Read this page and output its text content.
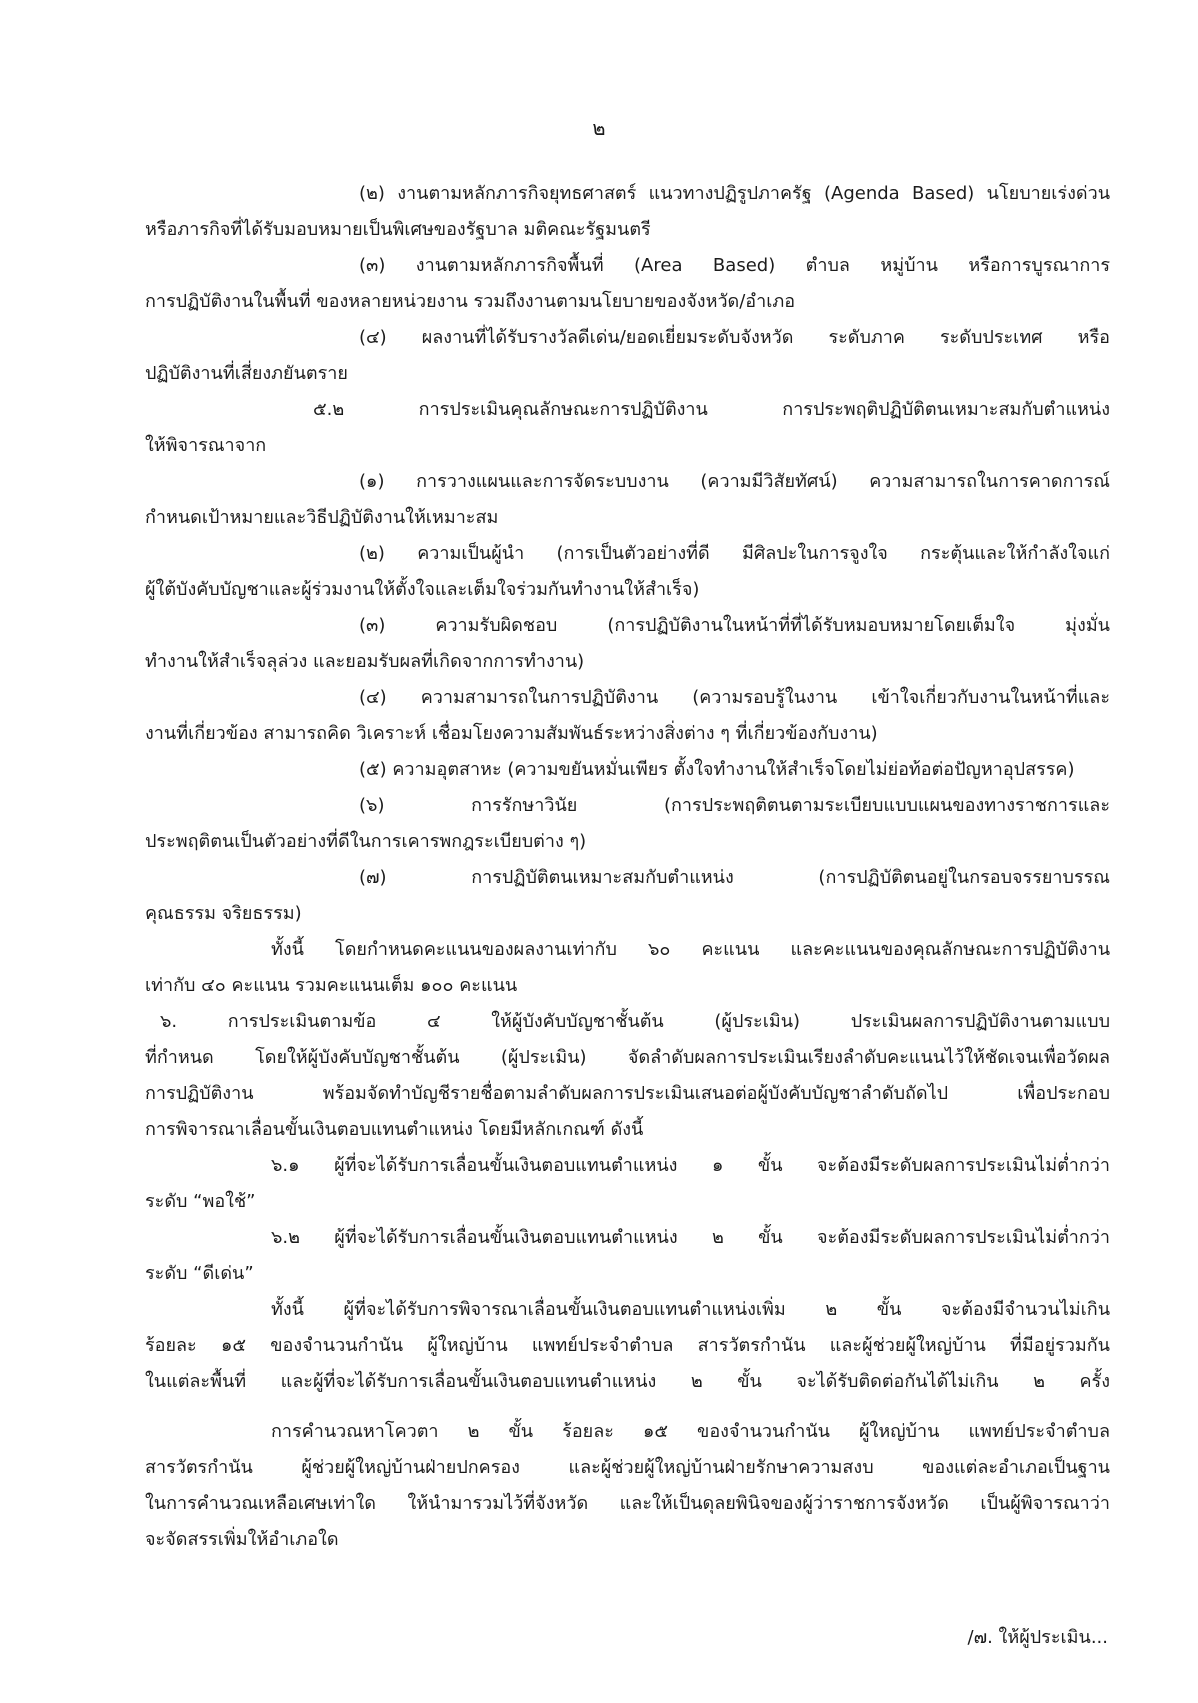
๒
(๒) งานตามหลักภารกิจยุทธศาสตร์ แนวทางปฏิรูปภาครัฐ (Agenda Based) นโยบายเร่งด่วน
หรือภารกิจที่ได้รับมอบหมายเป็นพิเศษของรัฐบาล มติคณะรัฐมนตรี
(๓) งานตามหลักภารกิจพื้นที่ (Area Based) ตำบล หมู่บ้าน หรือการบูรณาการ
การปฏิบัติงานในพื้นที่ ของหลายหน่วยงาน รวมถึงงานตามนโยบายของจังหวัด/อำเภอ
(๔) ผลงานที่ได้รับรางวัลดีเด่น/ยอดเยี่ยมระดับจังหวัด ระดับภาค ระดับประเทศ หรือ
ปฏิบัติงานที่เสี่ยงภยันตราย
๕.๒ การประเมินคุณลักษณะการปฏิบัติงาน การประพฤติปฏิบัติตนเหมาะสมกับตำแหน่ง
ให้พิจารณาจาก
(๑) การวางแผนและการจัดระบบงาน (ความมีวิสัยทัศน์) ความสามารถในการคาดการณ์
กำหนดเป้าหมายและวิธีปฏิบัติงานให้เหมาะสม
(๒) ความเป็นผู้นำ (การเป็นตัวอย่างที่ดี มีศิลปะในการจูงใจ กระตุ้นและให้กำลังใจแก่
ผู้ใต้บังคับบัญชาและผู้ร่วมงานให้ตั้งใจและเต็มใจร่วมกันทำงานให้สำเร็จ)
(๓) ความรับผิดชอบ (การปฏิบัติงานในหน้าที่ที่ได้รับหมอบหมายโดยเต็มใจ มุ่งมั่น
ทำงานให้สำเร็จลุล่วง และยอมรับผลที่เกิดจากการทำงาน)
(๔) ความสามารถในการปฏิบัติงาน (ความรอบรู้ในงาน เข้าใจเกี่ยวกับงานในหน้าที่และ
งานที่เกี่ยวข้อง สามารถคิด วิเคราะห์ เชื่อมโยงความสัมพันธ์ระหว่างสิ่งต่าง ๆ ที่เกี่ยวข้องกับงาน)
(๕) ความอุตสาหะ (ความขยันหมั่นเพียร ตั้งใจทำงานให้สำเร็จโดยไม่ย่อท้อต่อปัญหาอุปสรรค)
(๖) การรักษาวินัย (การประพฤติตนตามระเบียบแบบแผนของทางราชการและ
ประพฤติตนเป็นตัวอย่างที่ดีในการเคารพกฎระเบียบต่าง ๆ)
(๗) การปฏิบัติตนเหมาะสมกับตำแหน่ง (การปฏิบัติตนอยู่ในกรอบจรรยาบรรณ
คุณธรรม จริยธรรม)
ทั้งนี้ โดยกำหนดคะแนนของผลงานเท่ากับ ๖๐ คะแนน และคะแนนของคุณลักษณะการปฏิบัติงาน
เท่ากับ ๔๐ คะแนน รวมคะแนนเต็ม ๑๐๐ คะแนน
๖. การประเมินตามข้อ ๔ ให้ผู้บังคับบัญชาชั้นต้น (ผู้ประเมิน) ประเมินผลการปฏิบัติงานตามแบบ
ที่กำหนด โดยให้ผู้บังคับบัญชาชั้นต้น (ผู้ประเมิน) จัดลำดับผลการประเมินเรียงลำดับคะแนนไว้ให้ชัดเจนเพื่อวัดผล
การปฏิบัติงาน พร้อมจัดทำบัญชีรายชื่อตามลำดับผลการประเมินเสนอต่อผู้บังคับบัญชาลำดับถัดไป เพื่อประกอบ
การพิจารณาเลื่อนขั้นเงินตอบแทนตำแหน่ง โดยมีหลักเกณฑ์ ดังนี้
๖.๑ ผู้ที่จะได้รับการเลื่อนขั้นเงินตอบแทนตำแหน่ง ๑ ขั้น จะต้องมีระดับผลการประเมินไม่ต่ำกว่า
ระดับ “พอใช้”
๖.๒ ผู้ที่จะได้รับการเลื่อนขั้นเงินตอบแทนตำแหน่ง ๒ ขั้น จะต้องมีระดับผลการประเมินไม่ต่ำกว่า
ระดับ “ดีเด่น”
ทั้งนี้ ผู้ที่จะได้รับการพิจารณาเลื่อนขั้นเงินตอบแทนตำแหน่งเพิ่ม ๒ ขั้น จะต้องมีจำนวนไม่เกิน
ร้อยละ ๑๕ ของจำนวนกำนัน ผู้ใหญ่บ้าน แพทย์ประจำตำบล สารวัตรกำนัน และผู้ช่วยผู้ใหญ่บ้าน ที่มีอยู่รวมกัน
ในแต่ละพื้นที่ และผู้ที่จะได้รับการเลื่อนขั้นเงินตอบแทนตำแหน่ง ๒ ขั้น จะได้รับติดต่อกันได้ไม่เกิน ๒ ครั้ง
การคำนวณหาโควตา ๒ ขั้น ร้อยละ ๑๕ ของจำนวนกำนัน ผู้ใหญ่บ้าน แพทย์ประจำตำบล
สารวัตรกำนัน ผู้ช่วยผู้ใหญ่บ้านฝ่ายปกครอง และผู้ช่วยผู้ใหญ่บ้านฝ่ายรักษาความสงบ ของแต่ละอำเภอเป็นฐาน
ในการคำนวณเหลือเศษเท่าใด ให้นำมารวมไว้ที่จังหวัด และให้เป็นดุลยพินิจของผู้ว่าราชการจังหวัด เป็นผู้พิจารณาว่า
จะจัดสรรเพิ่มให้อำเภอใด
/๗. ให้ผู้ประเมิน...
